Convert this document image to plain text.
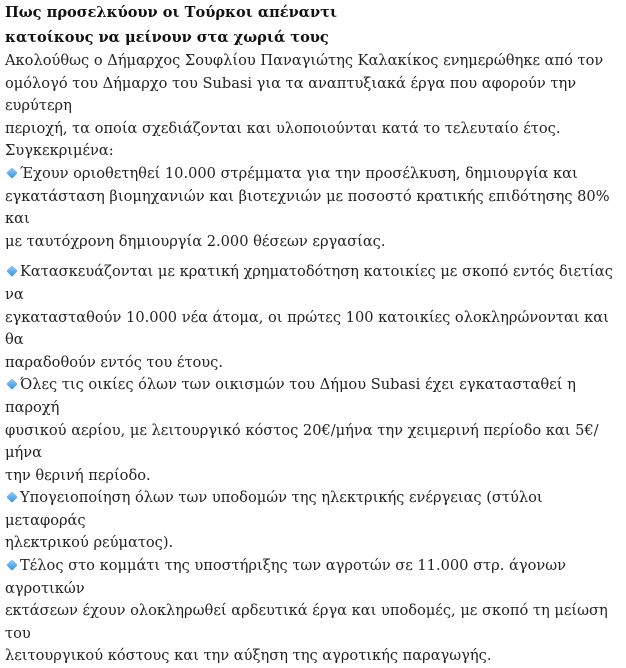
Πως προσελκύουν οι Τούρκοι απέναντι
κατοίκους να μείνουν στα χωριά τους

Ακολούθως ο Δήμαρχος Σουφλίου Παναγιώτης Καλακίκος ενημερώθηκε από τον
ομόλογό του Δήμαρχο του Subasi για τα αναπτυξιακά έργα που αφορούν την ευρύτερη
περιοχή, τα οποία σχεδιάζονται και υλοποιούνται κατά το τελευταίο έτος.
Συγκεκριμένα:

Έχουν οριοθετηθεί 10.000 στρέμματα για την προσέλκυση, δημιουργία και
εγκατάσταση βιομηχανιών και βιοτεχνιών με ποσοστό κρατικής επιδότησης 80% και
με ταυτόχρονη δημιουργία 2.000 θέσεων εργασίας.

Κατασκευάζονται με κρατική χρηματοδότηση κατοικίες με σκοπό εντός διετίας να
εγκατασταθούν 10.000 νέα άτομα, οι πρώτες 100 κατοικίες ολοκληρώνονται και θα
παραδοθούν εντός του έτους.

Όλες τις οικίες όλων των οικισμών του Δήμου Subasi έχει εγκατασταθεί η παροχή
φυσικού αερίου, με λειτουργικό κόστος 20€/μήνα την χειμερινή περίοδο και 5€/μήνα
την θερινή περίοδο.

Υπογειοποίηση όλων των υποδομών της ηλεκτρικής ενέργειας (στύλοι μεταφοράς
ηλεκτρικού ρεύματος).

Τέλος στο κομμάτι της υποστήριξης των αγροτών σε 11.000 στρ. άγονων αγροτικών
εκτάσεων έχουν ολοκληρωθεί αρδευτικά έργα και υποδομές, με σκοπό τη μείωση του
λειτουργικού κόστους και την αύξηση της αγροτικής παραγωγής.
